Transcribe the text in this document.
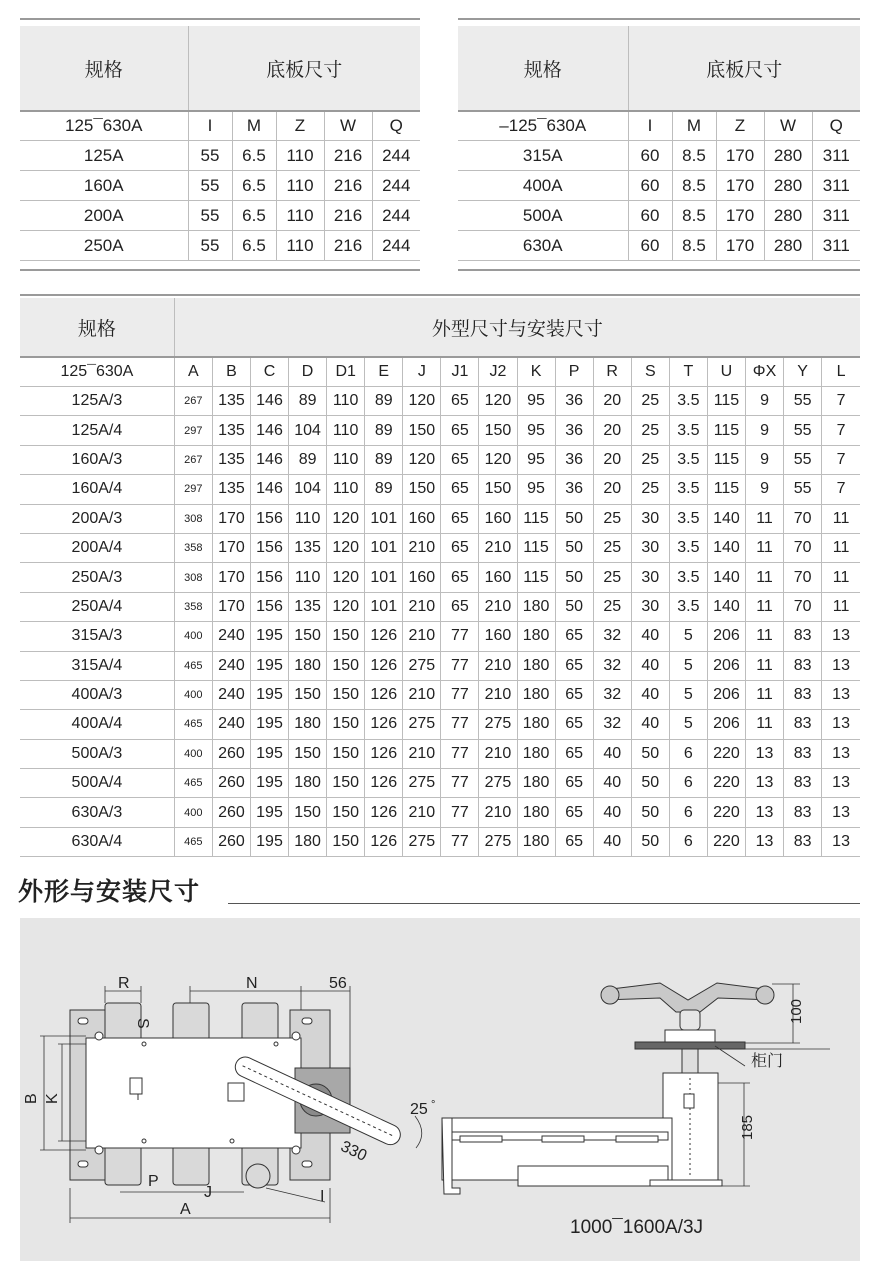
规格	底板尺寸				
125¯630A	I	M	Z	W	Q
125A	55	6.5	110	216	244
160A	55	6.5	110	216	244
200A	55	6.5	110	216	244
250A	55	6.5	110	216	244
规格	底板尺寸				
–125¯630A	I	M	Z	W	Q
315A	60	8.5	170	280	311
400A	60	8.5	170	280	311
500A	60	8.5	170	280	311
630A	60	8.5	170	280	311
规格	外型尺寸与安装尺寸																	
125¯630A	A	B	C	D	D1	E	J	J1	J2	K	P	R	S	T	U	ΦX	Y	L
125A/3	267	135	146	89	110	89	120	65	120	95	36	20	25	3.5	115	9	55	7
125A/4	297	135	146	104	110	89	150	65	150	95	36	20	25	3.5	115	9	55	7
160A/3	267	135	146	89	110	89	120	65	120	95	36	20	25	3.5	115	9	55	7
160A/4	297	135	146	104	110	89	150	65	150	95	36	20	25	3.5	115	9	55	7
200A/3	308	170	156	110	120	101	160	65	160	115	50	25	30	3.5	140	11	70	11
200A/4	358	170	156	135	120	101	210	65	210	115	50	25	30	3.5	140	11	70	11
250A/3	308	170	156	110	120	101	160	65	160	115	50	25	30	3.5	140	11	70	11
250A/4	358	170	156	135	120	101	210	65	210	180	50	25	30	3.5	140	11	70	11
315A/3	400	240	195	150	150	126	210	77	160	180	65	32	40	5	206	11	83	13
315A/4	465	240	195	180	150	126	275	77	210	180	65	32	40	5	206	11	83	13
400A/3	400	240	195	150	150	126	210	77	210	180	65	32	40	5	206	11	83	13
400A/4	465	240	195	180	150	126	275	77	275	180	65	32	40	5	206	11	83	13
500A/3	400	260	195	150	150	126	210	77	210	180	65	40	50	6	220	13	83	13
500A/4	465	260	195	180	150	126	275	77	275	180	65	40	50	6	220	13	83	13
630A/3	400	260	195	150	150	126	210	77	210	180	65	40	50	6	220	13	83	13
630A/4	465	260	195	180	150	126	275	77	275	180	65	40	50	6	220	13	83	13
外形与安装尺寸
R
S
N	56
B K
P
J
A
I
25 °
330
100
185
柜门
1000¯1600A/3J
